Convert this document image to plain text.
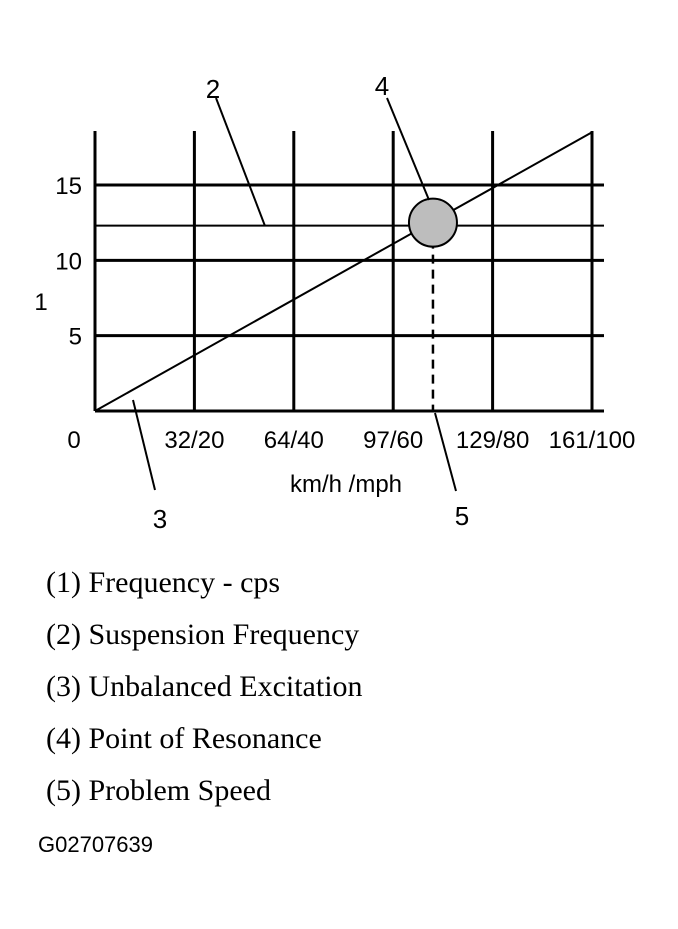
5
10
15
0	32/20 64/40 97/60 129/80 161/100
km/h /mph
1
2
3
4
5
(1) Frequency - cps
(2) Suspension Frequency
(3) Unbalanced Excitation
(4) Point of Resonance
(5) Problem Speed
G02707639
